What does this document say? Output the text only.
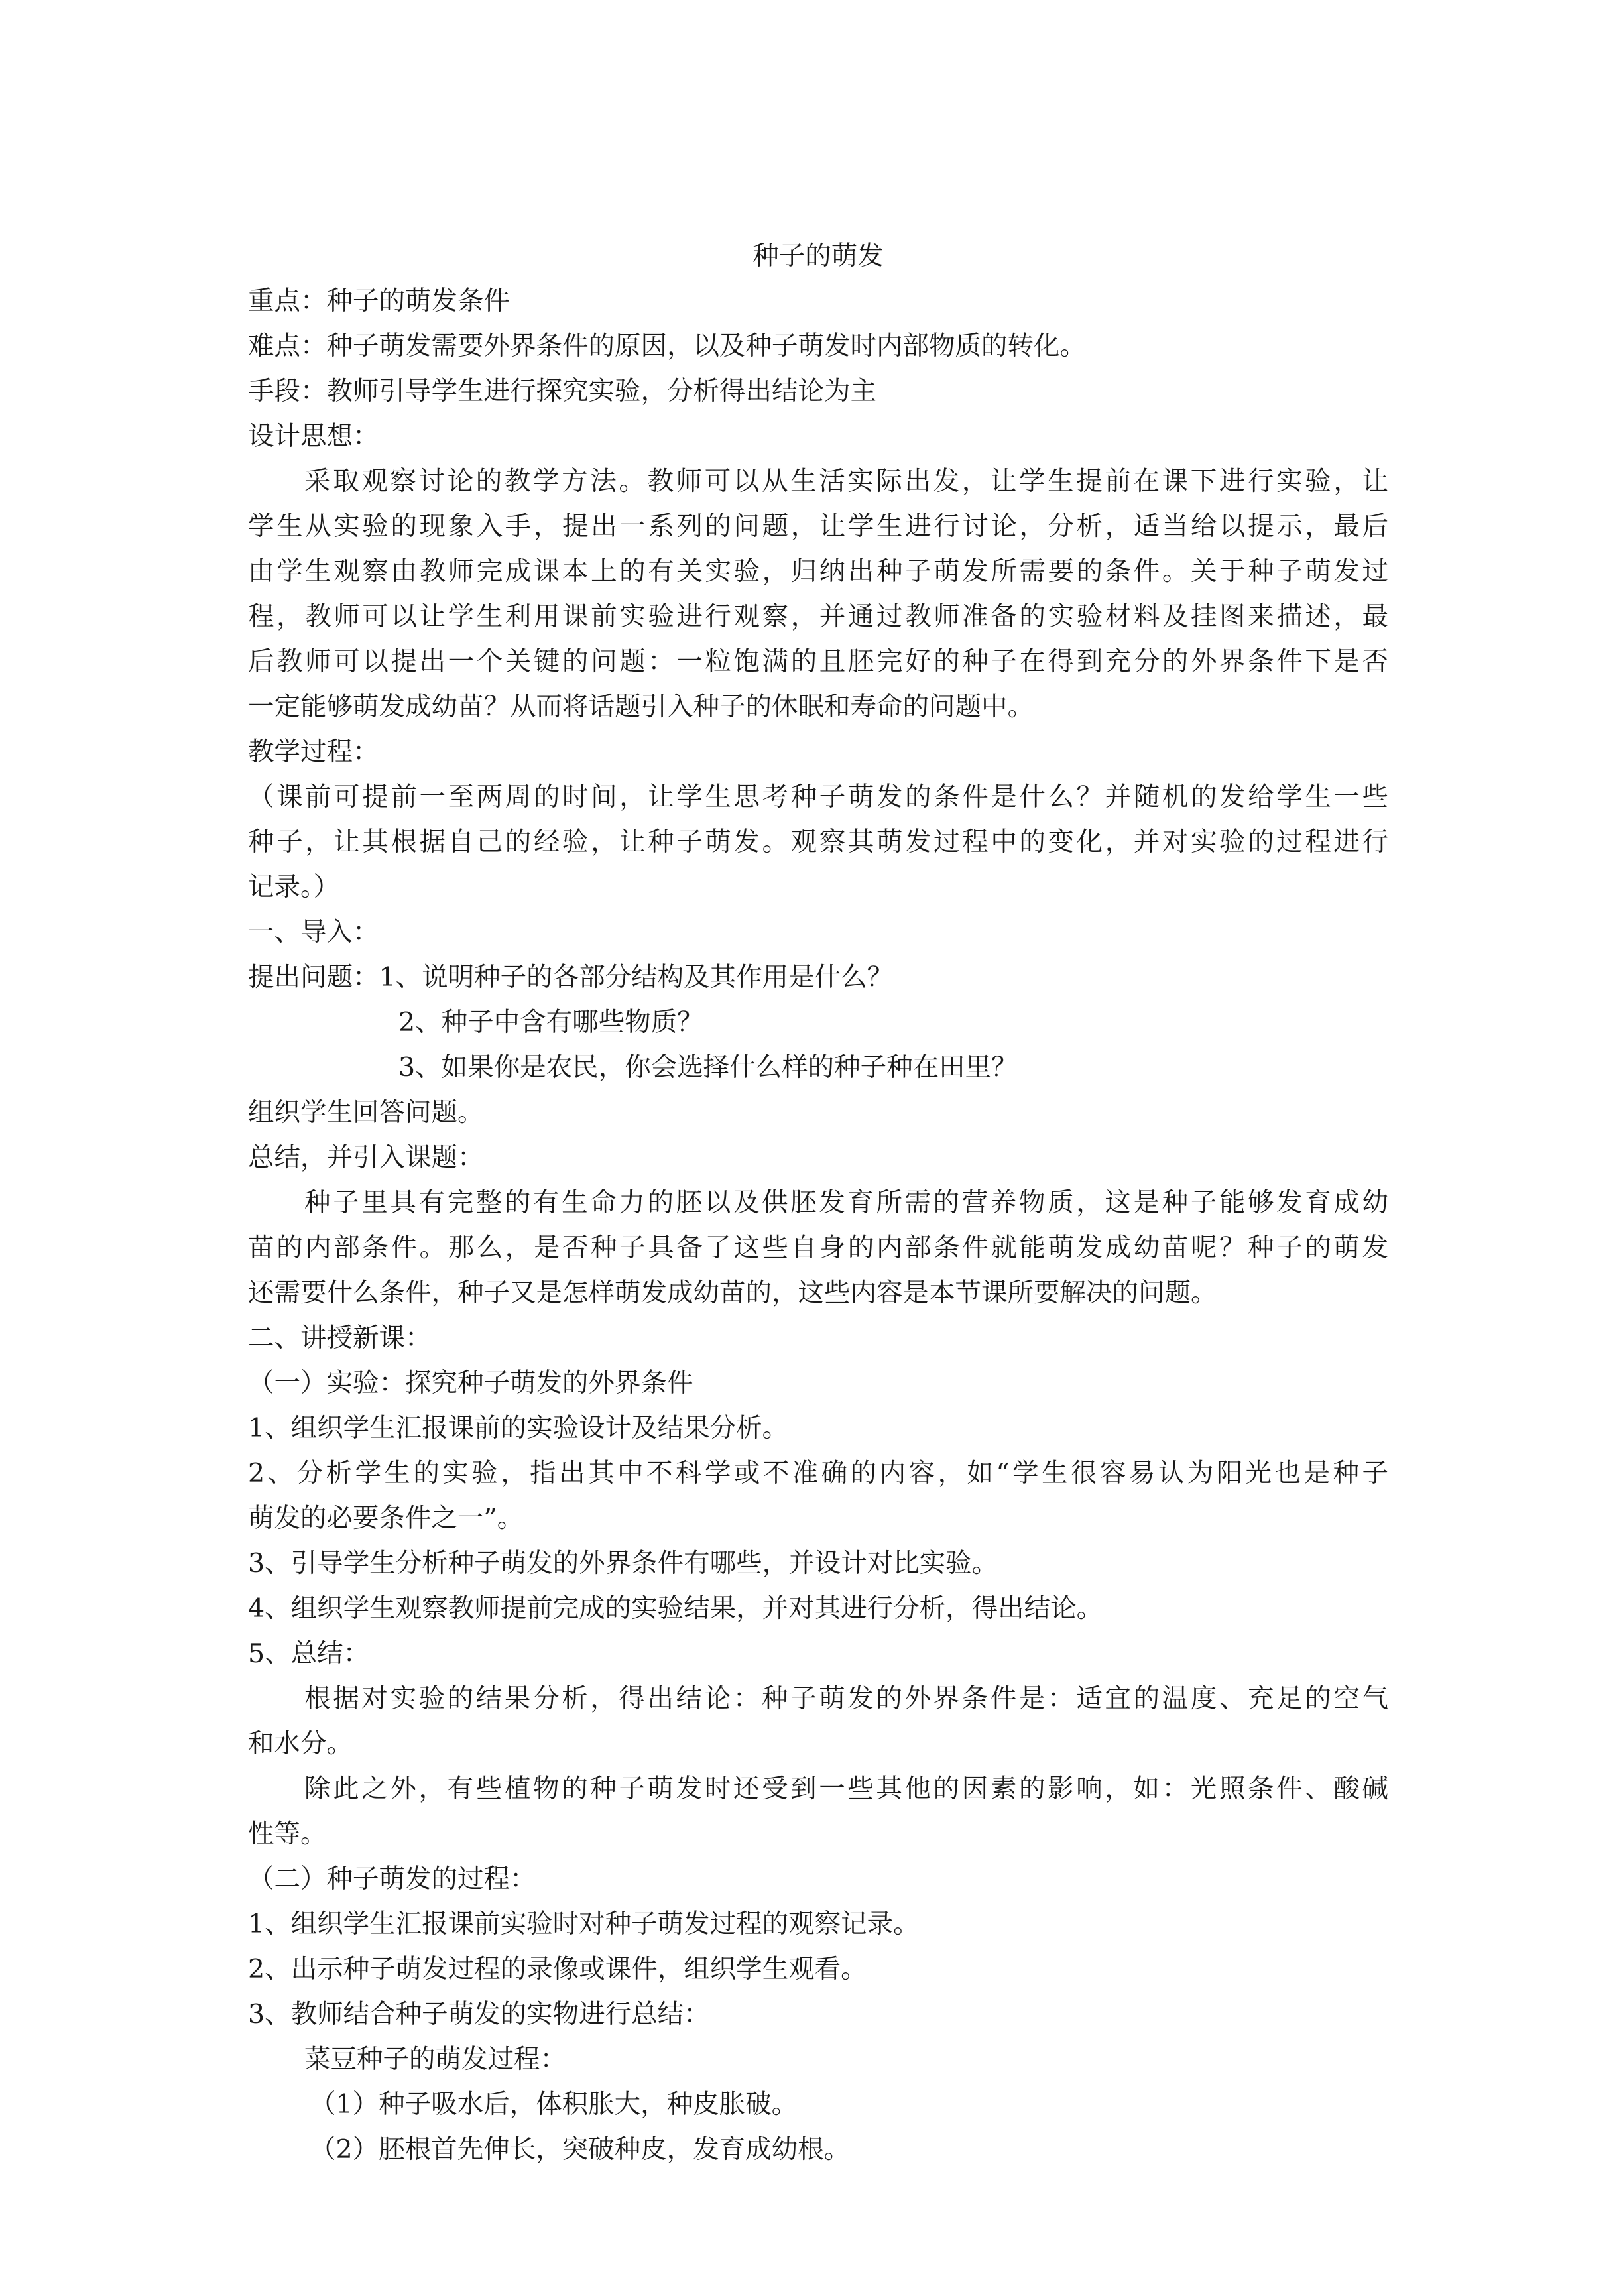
种子的萌发
重点：种子的萌发条件
难点：种子萌发需要外界条件的原因，以及种子萌发时内部物质的转化。
手段：教师引导学生进行探究实验，分析得出结论为主
设计思想：
采取观察讨论的教学方法。教师可以从生活实际出发，让学生提前在课下进行实验，让
学生从实验的现象入手，提出一系列的问题，让学生进行讨论，分析，适当给以提示，最后
由学生观察由教师完成课本上的有关实验，归纳出种子萌发所需要的条件。关于种子萌发过
程，教师可以让学生利用课前实验进行观察，并通过教师准备的实验材料及挂图来描述，最
后教师可以提出一个关键的问题：一粒饱满的且胚完好的种子在得到充分的外界条件下是否
一定能够萌发成幼苗？从而将话题引入种子的休眠和寿命的问题中。
教学过程：
（课前可提前一至两周的时间，让学生思考种子萌发的条件是什么？并随机的发给学生一些
种子，让其根据自己的经验，让种子萌发。观察其萌发过程中的变化，并对实验的过程进行
记录。）
一、导入：
提出问题：1、说明种子的各部分结构及其作用是什么？
2、种子中含有哪些物质？
3、如果你是农民，你会选择什么样的种子种在田里？
组织学生回答问题。
总结，并引入课题：
种子里具有完整的有生命力的胚以及供胚发育所需的营养物质，这是种子能够发育成幼
苗的内部条件。那么，是否种子具备了这些自身的内部条件就能萌发成幼苗呢？种子的萌发
还需要什么条件，种子又是怎样萌发成幼苗的，这些内容是本节课所要解决的问题。
二、讲授新课：
（一）实验：探究种子萌发的外界条件
1、组织学生汇报课前的实验设计及结果分析。
2、分析学生的实验，指出其中不科学或不准确的内容，如“学生很容易认为阳光也是种子
萌发的必要条件之一”。
3、引导学生分析种子萌发的外界条件有哪些，并设计对比实验。
4、组织学生观察教师提前完成的实验结果，并对其进行分析，得出结论。
5、总结：
根据对实验的结果分析，得出结论：种子萌发的外界条件是：适宜的温度、充足的空气
和水分。
除此之外，有些植物的种子萌发时还受到一些其他的因素的影响，如：光照条件、酸碱
性等。
（二）种子萌发的过程：
1、组织学生汇报课前实验时对种子萌发过程的观察记录。
2、出示种子萌发过程的录像或课件，组织学生观看。
3、教师结合种子萌发的实物进行总结：
菜豆种子的萌发过程：
（1）种子吸水后，体积胀大，种皮胀破。
（2）胚根首先伸长，突破种皮，发育成幼根。
